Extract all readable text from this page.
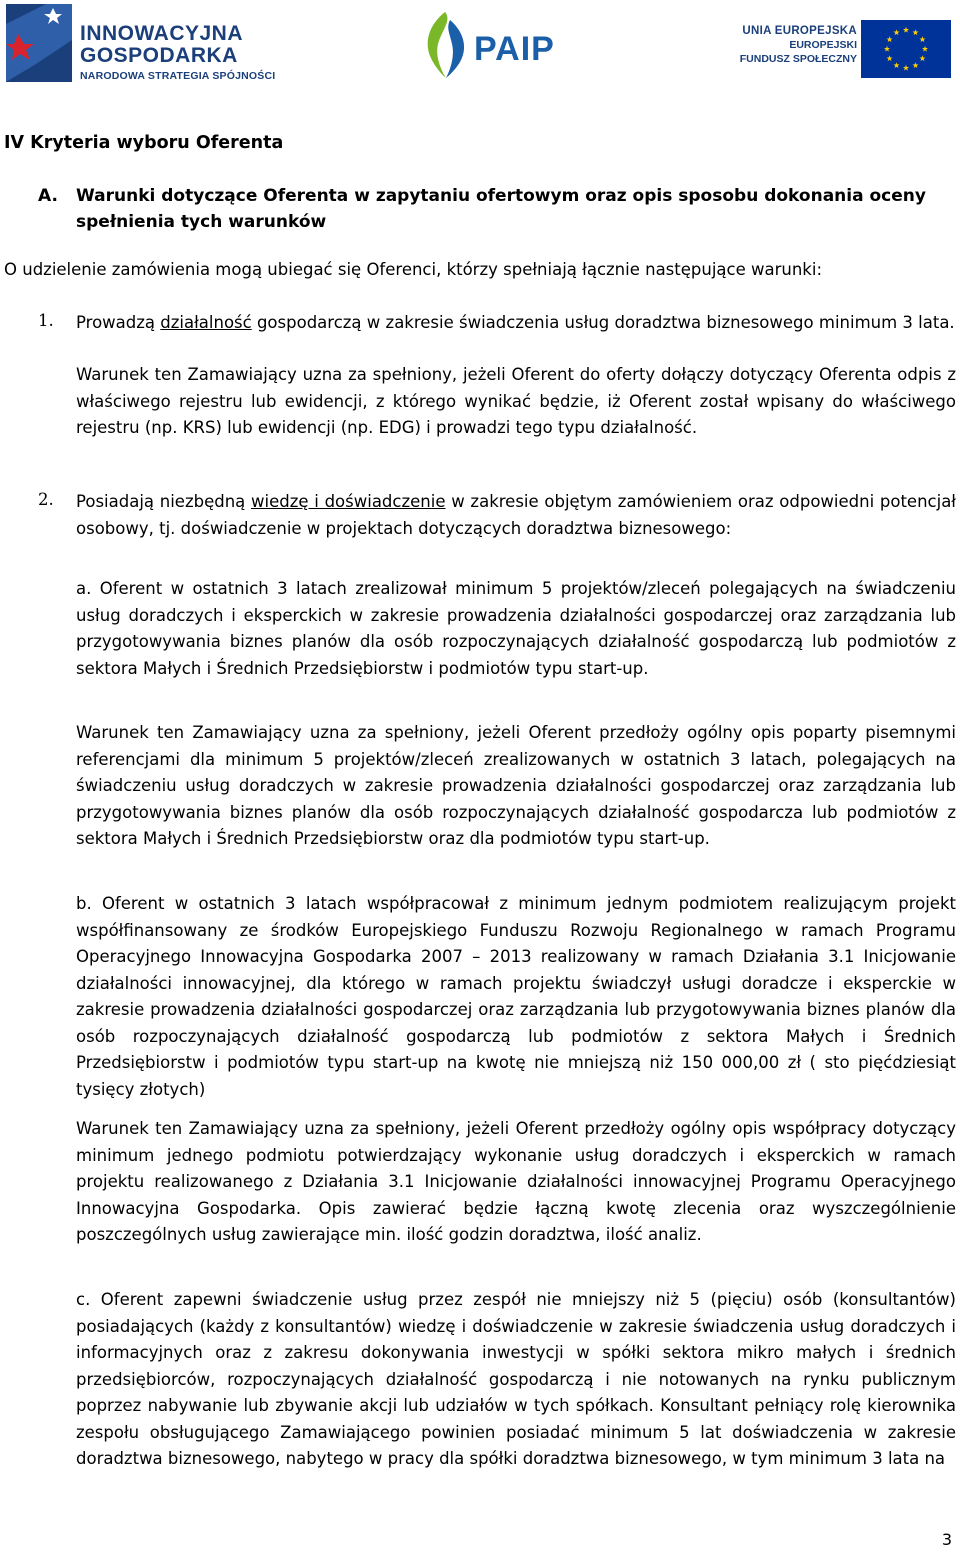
INNOWACYJNA
GOSPODARKA
NARODOWA STRATEGIA SPÓJNOŚCI
PAIP	UNIA EUROPEJSKA
EUROPEJSKI
FUNDUSZ SPOŁECZNY
IV Kryteria wyboru Oferenta
A. Warunki dotyczące Oferenta w zapytaniu ofertowym oraz opis sposobu dokonania oceny spełnienia tych warunków
O udzielenie zamówienia mogą ubiegać się Oferenci, którzy spełniają łącznie następujące warunki:
1. Prowadzą działalność gospodarczą w zakresie świadczenia usług doradztwa biznesowego minimum 3 lata.
Warunek ten Zamawiający uzna za spełniony, jeżeli Oferent do oferty dołączy dotyczący Oferenta odpis z właściwego rejestru lub ewidencji, z którego wynikać będzie, iż Oferent został wpisany do właściwego rejestru (np. KRS) lub ewidencji (np. EDG) i prowadzi tego typu działalność.
2. Posiadają niezbędną wiedzę i doświadczenie w zakresie objętym zamówieniem oraz odpowiedni potencjał osobowy, tj. doświadczenie w projektach dotyczących doradztwa biznesowego:
a. Oferent w ostatnich 3 latach zrealizował minimum 5 projektów/zleceń polegających na świadczeniu usług doradczych i eksperckich w zakresie prowadzenia działalności gospodarczej oraz zarządzania lub przygotowywania biznes planów dla osób rozpoczynających działalność gospodarczą lub podmiotów z sektora Małych i Średnich Przedsiębiorstw i podmiotów typu start-up.
Warunek ten Zamawiający uzna za spełniony, jeżeli Oferent przedłoży ogólny opis poparty pisemnymi referencjami dla minimum 5 projektów/zleceń zrealizowanych w ostatnich 3 latach, polegających na świadczeniu usług doradczych w zakresie prowadzenia działalności gospodarczej oraz zarządzania lub przygotowywania biznes planów dla osób rozpoczynających działalność gospodarcza lub podmiotów z sektora Małych i Średnich Przedsiębiorstw oraz dla podmiotów typu start-up.
b. Oferent w ostatnich 3 latach współpracował z minimum jednym podmiotem realizującym projekt współfinansowany ze środków Europejskiego Funduszu Rozwoju Regionalnego w ramach Programu Operacyjnego Innowacyjna Gospodarka 2007 – 2013 realizowany w ramach Działania 3.1 Inicjowanie działalności innowacyjnej, dla którego w ramach projektu świadczył usługi doradcze i eksperckie w zakresie prowadzenia działalności gospodarczej oraz zarządzania lub przygotowywania biznes planów dla osób rozpoczynających działalność gospodarczą lub podmiotów z sektora Małych i Średnich Przedsiębiorstw i podmiotów typu start-up na kwotę nie mniejszą niż 150 000,00 zł ( sto pięćdziesiąt tysięcy złotych)
Warunek ten Zamawiający uzna za spełniony, jeżeli Oferent przedłoży ogólny opis współpracy dotyczący minimum jednego podmiotu potwierdzający wykonanie usług doradczych i eksperckich w ramach projektu realizowanego z Działania 3.1 Inicjowanie działalności innowacyjnej Programu Operacyjnego Innowacyjna Gospodarka. Opis zawierać będzie łączną kwotę zlecenia oraz wyszczególnienie poszczególnych usług zawierające min. ilość godzin doradztwa, ilość analiz.
c. Oferent zapewni świadczenie usług przez zespół nie mniejszy niż 5 (pięciu) osób (konsultantów) posiadających (każdy z konsultantów) wiedzę i doświadczenie w zakresie świadczenia usług doradczych i informacyjnych oraz z zakresu dokonywania inwestycji w spółki sektora mikro małych i średnich przedsiębiorców, rozpoczynających działalność gospodarczą i nie notowanych na rynku publicznym poprzez nabywanie lub zbywanie akcji lub udziałów w tych spółkach. Konsultant pełniący rolę kierownika zespołu obsługującego Zamawiającego powinien posiadać minimum 5 lat doświadczenia w zakresie doradztwa biznesowego, nabytego w pracy dla spółki doradztwa biznesowego, w tym minimum 3 lata na
3
